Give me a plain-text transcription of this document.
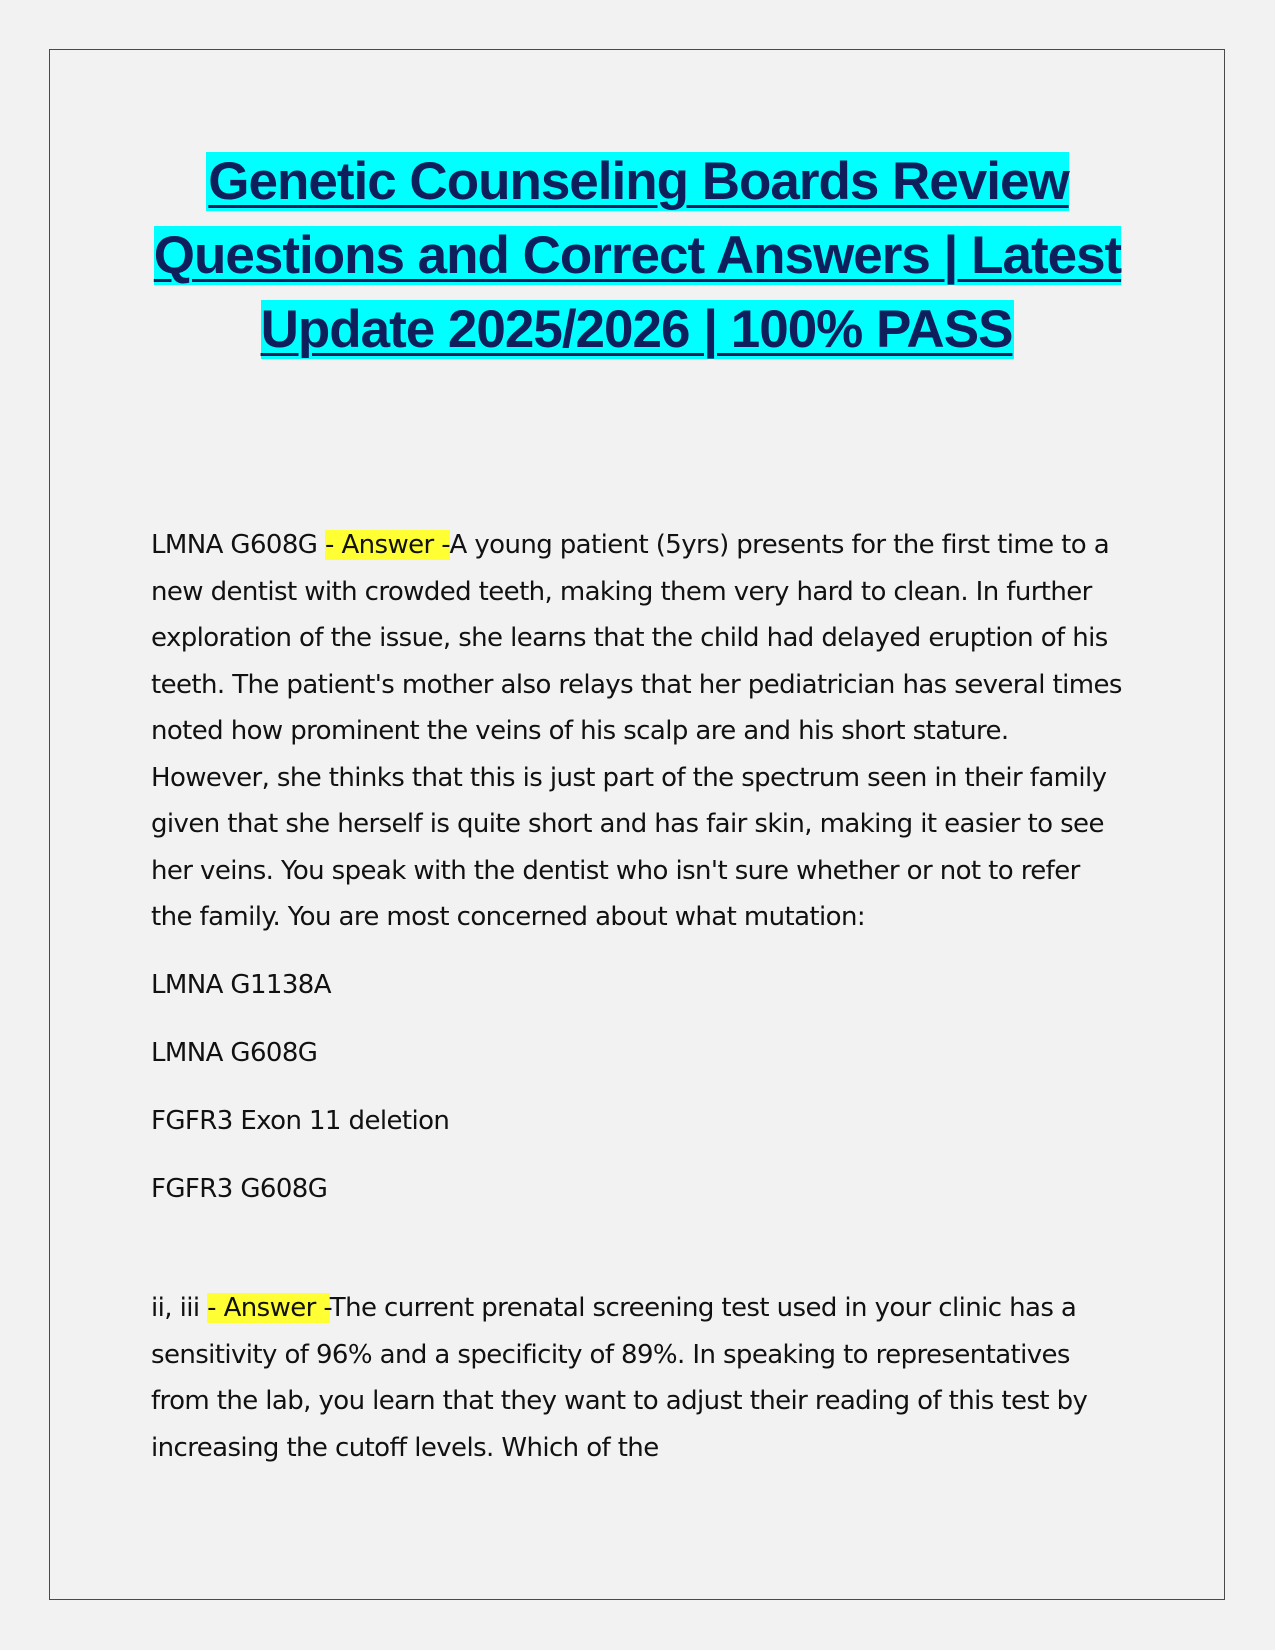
Genetic Counseling Boards Review Questions and Correct Answers | Latest Update 2025/2026 | 100% PASS

LMNA G608G - Answer -A young patient (5yrs) presents for the first time to a new dentist with crowded teeth, making them very hard to clean. In further exploration of the issue, she learns that the child had delayed eruption of his teeth. The patient's mother also relays that her pediatrician has several times noted how prominent the veins of his scalp are and his short stature. However, she thinks that this is just part of the spectrum seen in their family given that she herself is quite short and has fair skin, making it easier to see her veins. You speak with the dentist who isn't sure whether or not to refer the family. You are most concerned about what mutation:

LMNA G1138A

LMNA G608G

FGFR3 Exon 11 deletion

FGFR3 G608G

ii, iii - Answer -The current prenatal screening test used in your clinic has a sensitivity of 96% and a specificity of 89%. In speaking to representatives from the lab, you learn that they want to adjust their reading of this test by increasing the cutoff levels. Which of the
